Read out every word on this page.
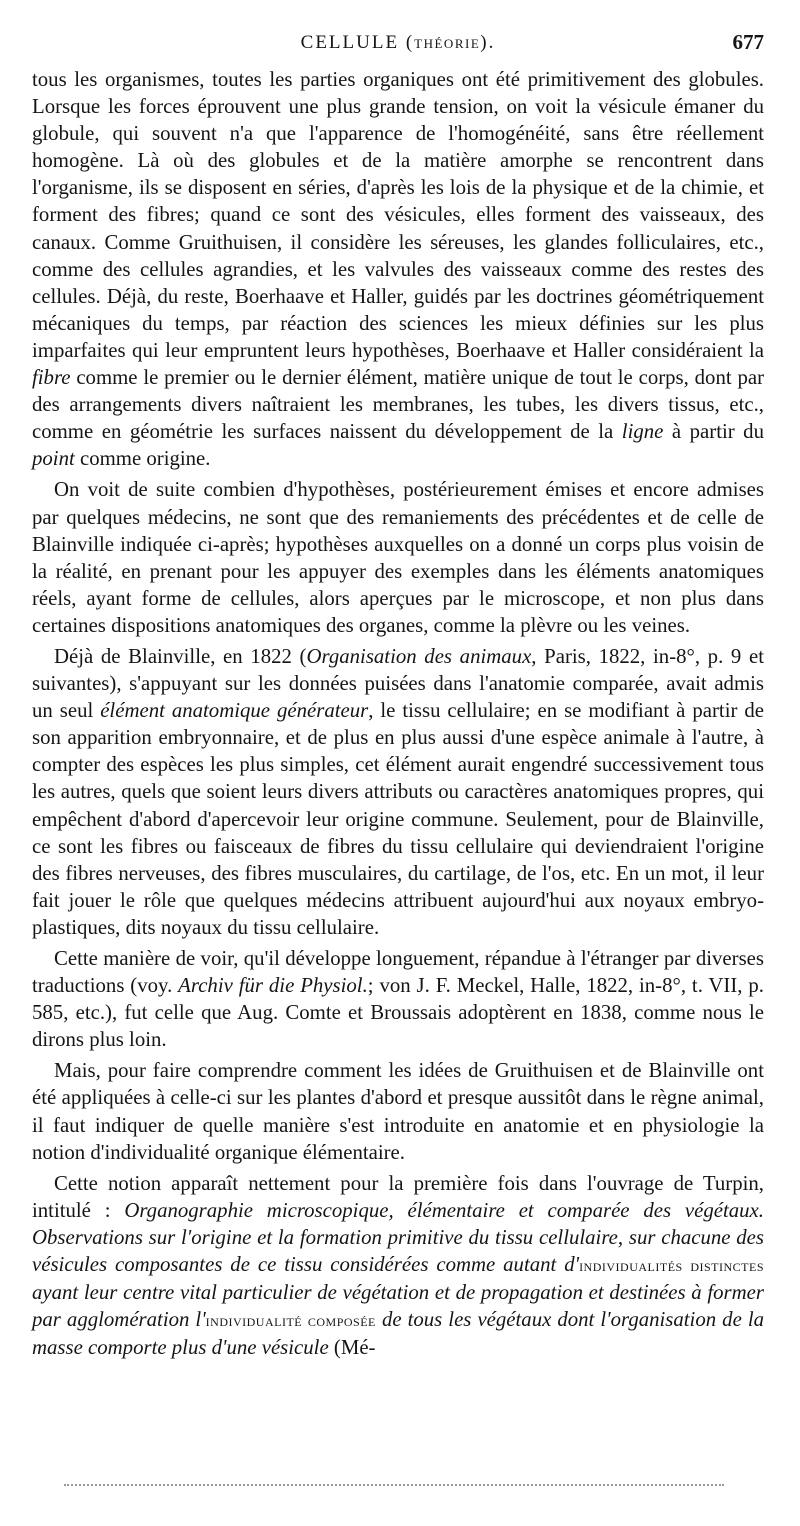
CELLULE (THÉORIE).	677

tous les organismes, toutes les parties organiques ont été primitivement des globules. Lorsque les forces éprouvent une plus grande tension, on voit la vésicule émaner du globule, qui souvent n'a que l'apparence de l'homogénéité, sans être réellement homogène. Là où des globules et de la matière amorphe se rencontrent dans l'organisme, ils se disposent en séries, d'après les lois de la physique et de la chimie, et forment des fibres; quand ce sont des vésicules, elles forment des vaisseaux, des canaux. Comme Gruithuisen, il considère les séreuses, les glandes folliculaires, etc., comme des cellules agrandies, et les valvules des vaisseaux comme des restes des cellules. Déjà, du reste, Boerhaave et Haller, guidés par les doctrines géométriquement mécaniques du temps, par réaction des sciences les mieux définies sur les plus imparfaites qui leur empruntent leurs hypothèses, Boerhaave et Haller considéraient la fibre comme le premier ou le dernier élément, matière unique de tout le corps, dont par des arrangements divers naîtraient les membranes, les tubes, les divers tissus, etc., comme en géométrie les surfaces naissent du développement de la ligne à partir du point comme origine.

On voit de suite combien d'hypothèses, postérieurement émises et encore admises par quelques médecins, ne sont que des remaniements des précédentes et de celle de Blainville indiquée ci-après; hypothèses auxquelles on a donné un corps plus voisin de la réalité, en prenant pour les appuyer des exemples dans les éléments anatomiques réels, ayant forme de cellules, alors aperçues par le microscope, et non plus dans certaines dispositions anatomiques des organes, comme la plèvre ou les veines.

Déjà de Blainville, en 1822 (Organisation des animaux, Paris, 1822, in-8°, p. 9 et suivantes), s'appuyant sur les données puisées dans l'anatomie comparée, avait admis un seul élément anatomique générateur, le tissu cellulaire; en se modifiant à partir de son apparition embryonnaire, et de plus en plus aussi d'une espèce animale à l'autre, à compter des espèces les plus simples, cet élément aurait engendré successivement tous les autres, quels que soient leurs divers attributs ou caractères anatomiques propres, qui empêchent d'abord d'apercevoir leur origine commune. Seulement, pour de Blainville, ce sont les fibres ou faisceaux de fibres du tissu cellulaire qui deviendraient l'origine des fibres nerveuses, des fibres musculaires, du cartilage, de l'os, etc. En un mot, il leur fait jouer le rôle que quelques médecins attribuent aujourd'hui aux noyaux embryo-plastiques, dits noyaux du tissu cellulaire.

Cette manière de voir, qu'il développe longuement, répandue à l'étranger par diverses traductions (voy. Archiv für die Physiol.; von J. F. Meckel, Halle, 1822, in-8°, t. VII, p. 585, etc.), fut celle que Aug. Comte et Broussais adoptèrent en 1838, comme nous le dirons plus loin.

Mais, pour faire comprendre comment les idées de Gruithuisen et de Blainville ont été appliquées à celle-ci sur les plantes d'abord et presque aussitôt dans le règne animal, il faut indiquer de quelle manière s'est introduite en anatomie et en physiologie la notion d'individualité organique élémentaire.

Cette notion apparaît nettement pour la première fois dans l'ouvrage de Turpin, intitulé : Organographie microscopique, élémentaire et comparée des végétaux. Observations sur l'origine et la formation primitive du tissu cellulaire, sur chacune des vésicules composantes de ce tissu considérées comme autant d'individualités distinctes ayant leur centre vital particulier de végétation et de propagation et destinées à former par agglomération l'individualité composée de tous les végétaux dont l'organisation de la masse comporte plus d'une vésicule (Mé-
